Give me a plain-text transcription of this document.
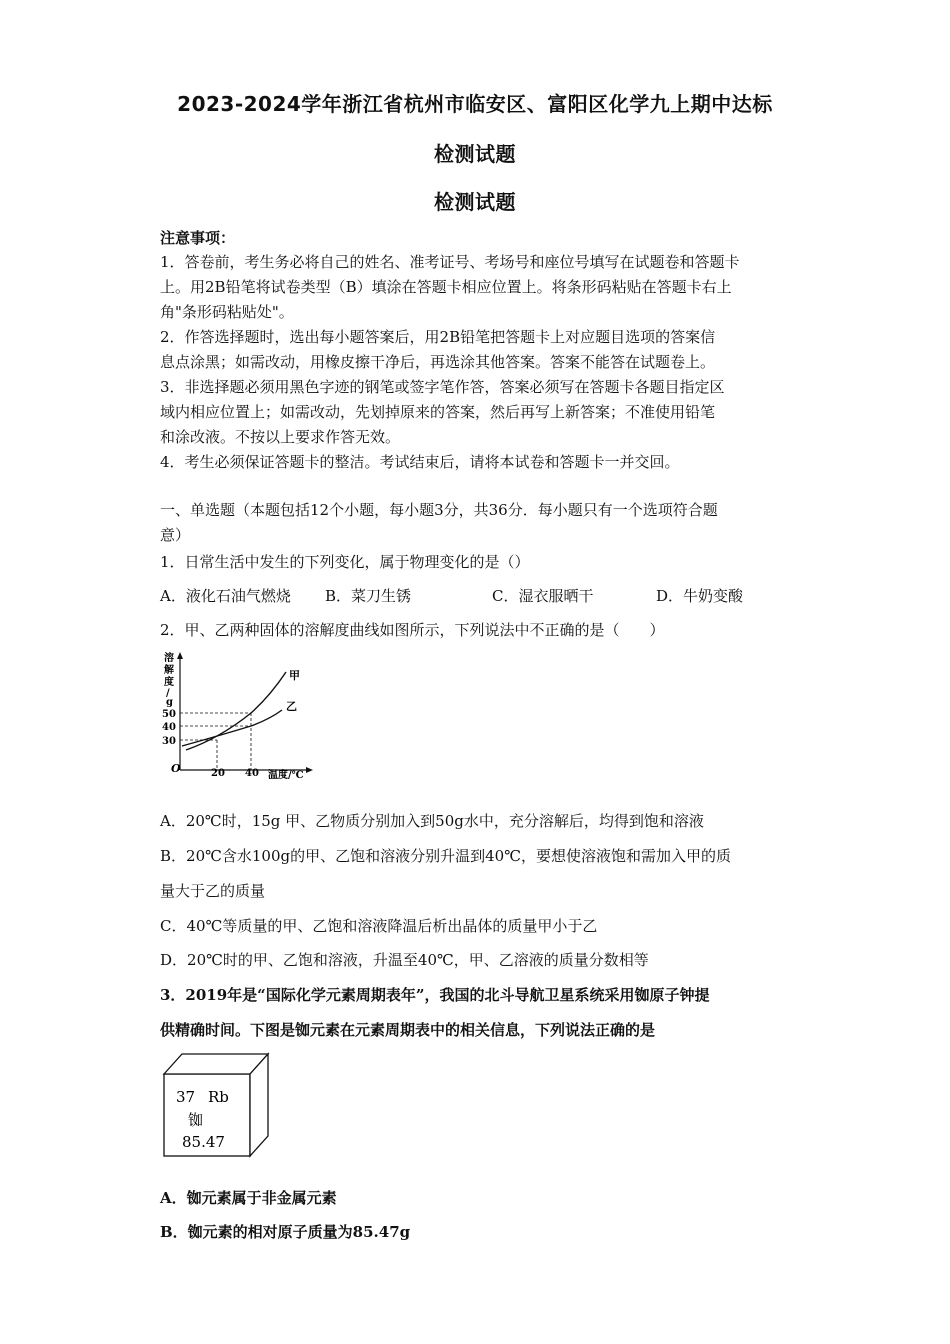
2023-2024学年浙江省杭州市临安区、富阳区化学九上期中达标
检测试题
检测试题
注意事项：
1．答卷前，考生务必将自己的姓名、准考证号、考场号和座位号填写在试题卷和答题卡
上。用2B铅笔将试卷类型（B）填涂在答题卡相应位置上。将条形码粘贴在答题卡右上
角"条形码粘贴处"。
2．作答选择题时，选出每小题答案后，用2B铅笔把答题卡上对应题目选项的答案信
息点涂黑；如需改动，用橡皮擦干净后，再选涂其他答案。答案不能答在试题卷上。
3．非选择题必须用黑色字迹的钢笔或签字笔作答，答案必须写在答题卡各题目指定区
域内相应位置上；如需改动，先划掉原来的答案，然后再写上新答案；不准使用铅笔
和涂改液。不按以上要求作答无效。
4．考生必须保证答题卡的整洁。考试结束后，请将本试卷和答题卡一并交回。
一、单选题（本题包括12个小题，每小题3分，共36分．每小题只有一个选项符合题
意）
1．日常生活中发生的下列变化，属于物理变化的是（）
A．液化石油气燃烧 B．菜刀生锈	C．湿衣服晒干	D．牛奶变酸
2．甲、乙两种固体的溶解度曲线如图所示，下列说法中不正确的是（　　）
溶
解
度
/
g
50
40
30
O	20 40 温度/℃
甲
乙
A．20℃时，15g 甲、乙物质分别加入到50g水中，充分溶解后，均得到饱和溶液
B．20℃含水100g的甲、乙饱和溶液分别升温到40℃，要想使溶液饱和需加入甲的质
量大于乙的质量
C．40℃等质量的甲、乙饱和溶液降温后析出晶体的质量甲小于乙
D．20℃时的甲、乙饱和溶液，升温至40℃，甲、乙溶液的质量分数相等
3．2019年是“国际化学元素周期表年”，我国的北斗导航卫星系统采用铷原子钟提
供精确时间。下图是铷元素在元素周期表中的相关信息，下列说法正确的是
37 Rb
铷
85.47
A．铷元素属于非金属元素
B．铷元素的相对原子质量为85.47g
